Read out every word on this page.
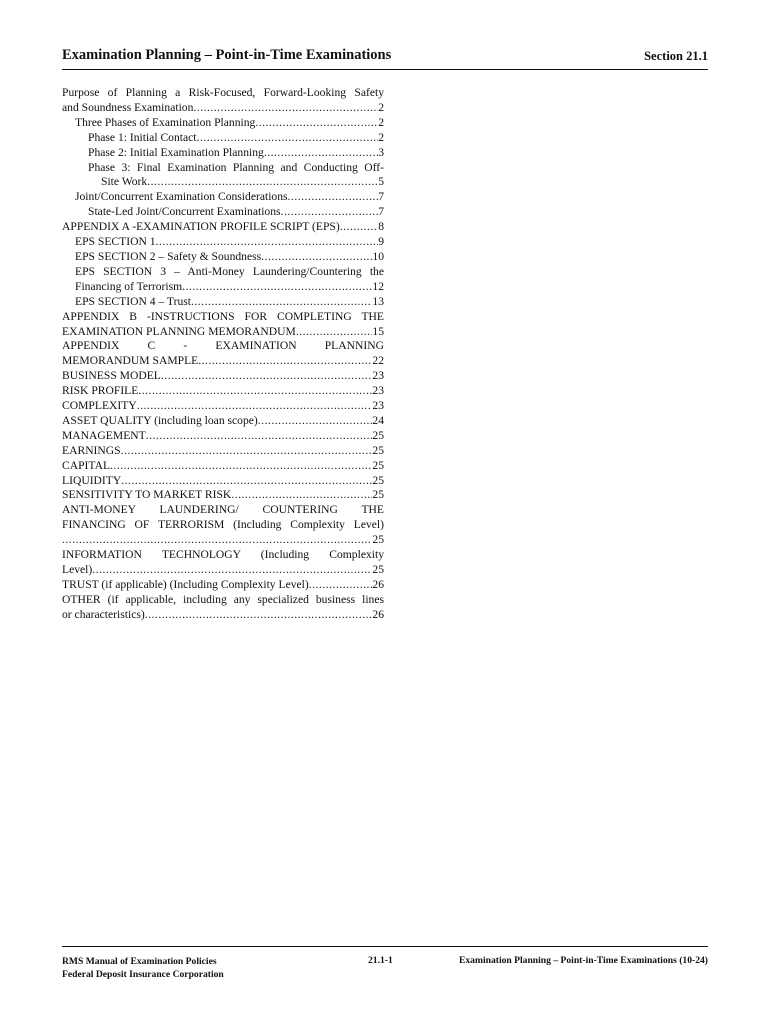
Examination Planning – Point-in-Time Examinations	Section 21.1
Purpose of Planning a Risk-Focused, Forward-Looking Safety
and Soundness Examination .....	2
Three Phases of Examination Planning .....	2
Phase 1: Initial Contact .....	2
Phase 2: Initial Examination Planning .....	3
Phase 3: Final Examination Planning and Conducting Off-
Site Work .....	5
Joint/Concurrent Examination Considerations .....	7
State-Led Joint/Concurrent Examinations .....	7
APPENDIX A -EXAMINATION PROFILE SCRIPT (EPS) .....	8
EPS SECTION 1 .....	9
EPS SECTION 2 – Safety & Soundness .....	10
EPS SECTION 3 – Anti-Money Laundering/Countering the
Financing of Terrorism .....	12
EPS SECTION 4 – Trust .....	13
APPENDIX B -INSTRUCTIONS FOR COMPLETING THE
EXAMINATION PLANNING MEMORANDUM .....	15
APPENDIX C - EXAMINATION PLANNING
MEMORANDUM SAMPLE .....	22
BUSINESS MODEL .....	23
RISK PROFILE .....	23
COMPLEXITY .....	23
ASSET QUALITY (including loan scope) .....	24
MANAGEMENT .....	25
EARNINGS .....	25
CAPITAL .....	25
LIQUIDITY .....	25
SENSITIVITY TO MARKET RISK .....	25
ANTI-MONEY LAUNDERING/ COUNTERING THE
FINANCING OF TERRORISM (Including Complexity Level)
.....
25
INFORMATION TECHNOLOGY (Including Complexity
Level) .....	25
TRUST (if applicable) (Including Complexity Level) .....	26
OTHER (if applicable, including any specialized business lines
or characteristics) .....	26
RMS Manual of Examination Policies
Federal Deposit Insurance Corporation
21.1-1	Examination Planning – Point-in-Time Examinations (10-24)
